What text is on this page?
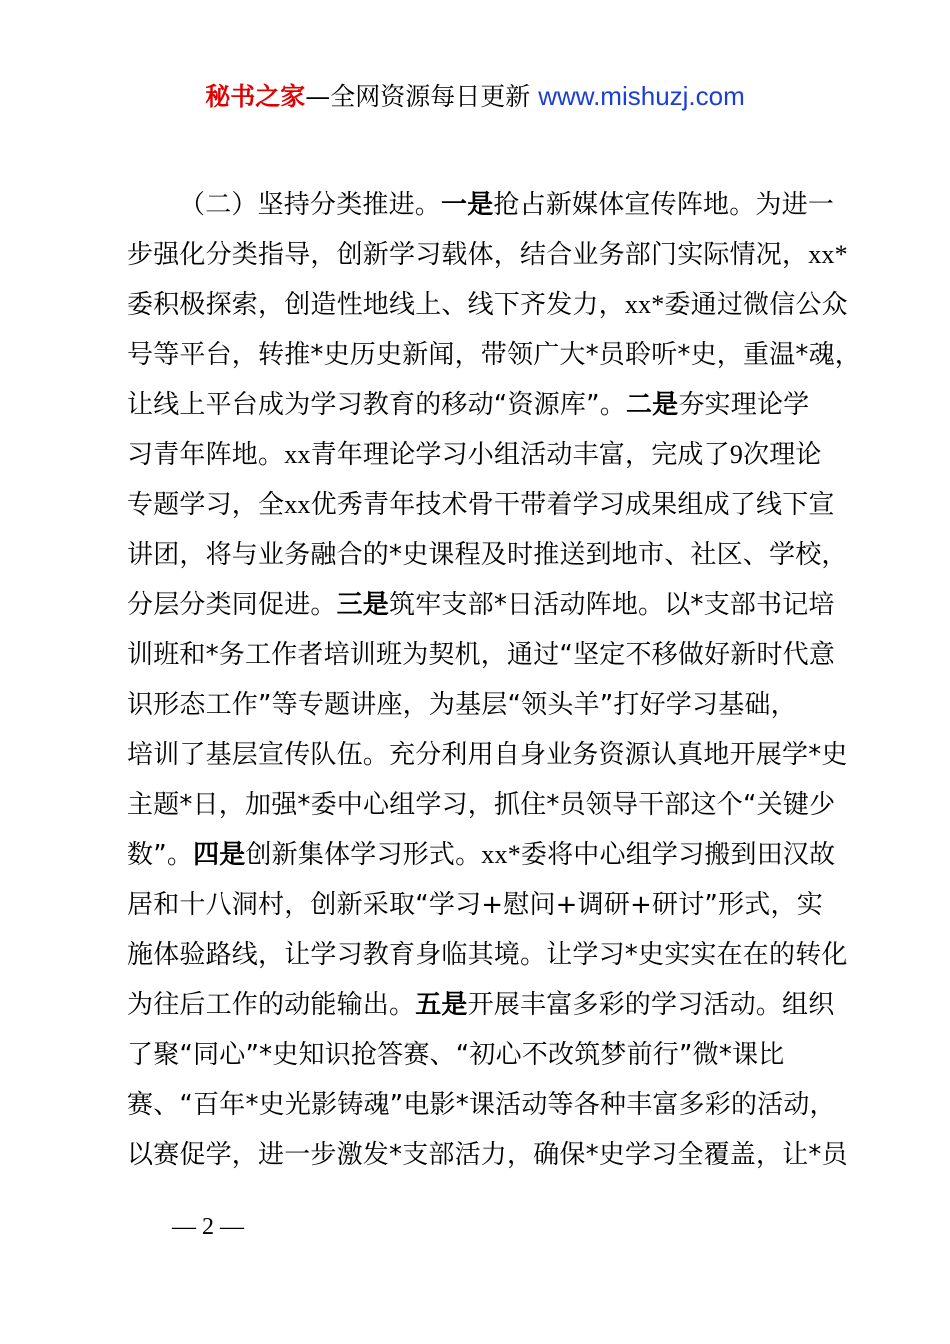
秘书之家—全网资源每日更新 www.mishuzj.com
（二）坚持分类推进。一是抢占新媒体宣传阵地。为进一
步强化分类指导，创新学习载体，结合业务部门实际情况，xx*
委积极探索，创造性地线上、线下齐发力，xx*委通过微信公众
号等平台，转推*史历史新闻，带领广大*员聆听*史，重温*魂，
让线上平台成为学习教育的移动“资源库”。二是夯实理论学
习青年阵地。xx青年理论学习小组活动丰富，完成了9次理论
专题学习，全xx优秀青年技术骨干带着学习成果组成了线下宣
讲团，将与业务融合的*史课程及时推送到地市、社区、学校，
分层分类同促进。三是筑牢支部*日活动阵地。以*支部书记培
训班和*务工作者培训班为契机，通过“坚定不移做好新时代意
识形态工作”等专题讲座，为基层“领头羊”打好学习基础，
培训了基层宣传队伍。充分利用自身业务资源认真地开展学*史
主题*日，加强*委中心组学习，抓住*员领导干部这个“关键少
数”。四是创新集体学习形式。xx*委将中心组学习搬到田汉故
居和十八洞村，创新采取“学习+慰问+调研+研讨”形式，实
施体验路线，让学习教育身临其境。让学习*史实实在在的转化
为往后工作的动能输出。五是开展丰富多彩的学习活动。组织
了聚“同心”*史知识抢答赛、“初心不改筑梦前行”微*课比
赛、“百年*史光影铸魂”电影*课活动等各种丰富多彩的活动，
以赛促学，进一步激发*支部活力，确保*史学习全覆盖，让*员
— 2 —
